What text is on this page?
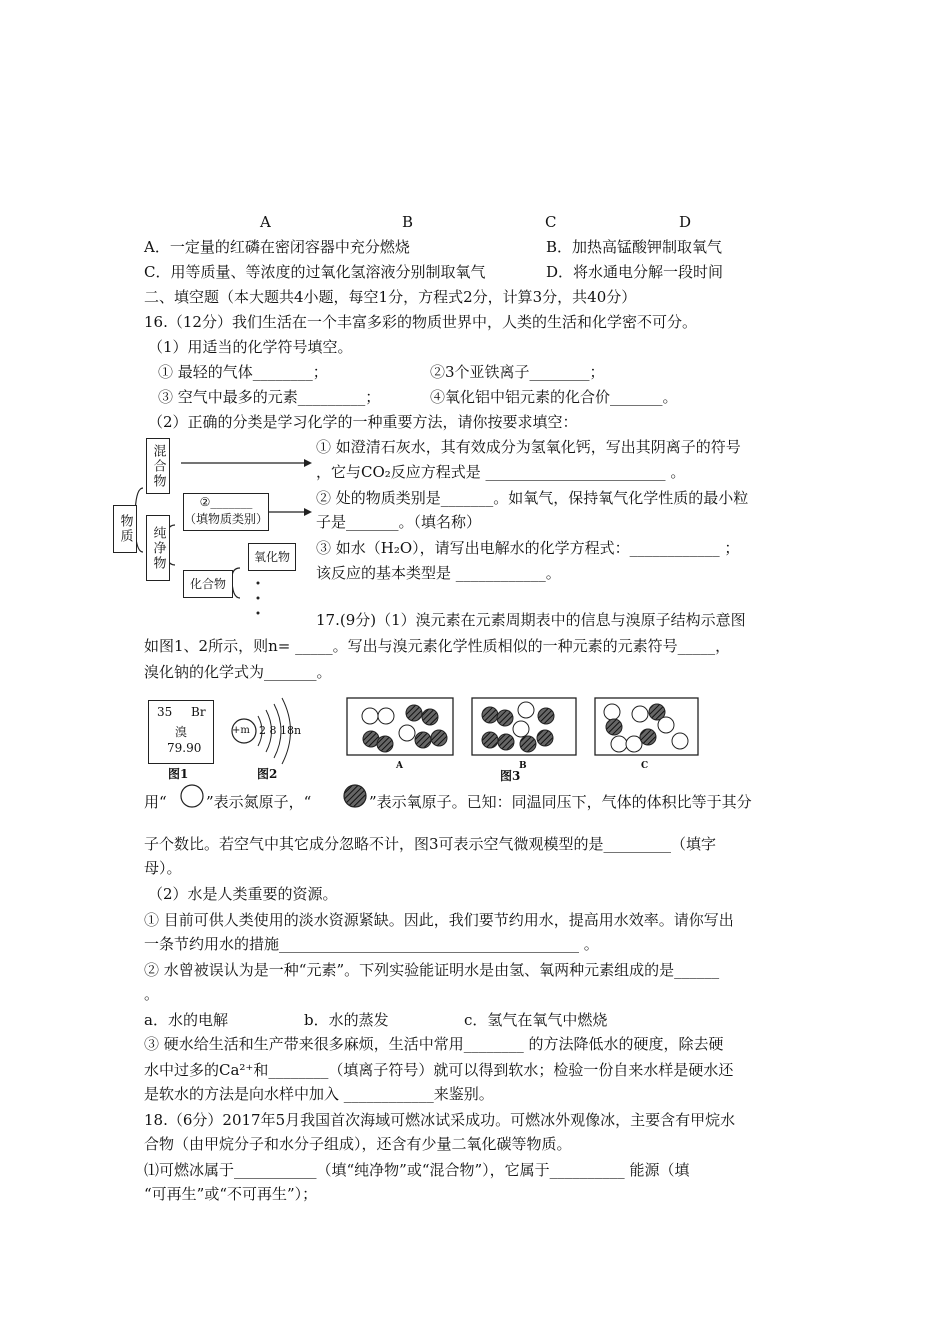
A	B	C	D
A．一定量的红磷在密闭容器中充分燃烧	B．加热高锰酸钾制取氧气
C．用等质量、等浓度的过氧化氢溶液分别制取氧气	D．将水通电分解一段时间
二、填空题（本大题共4小题，每空1分，方程式2分，计算3分，共40分）
16.（12分）我们生活在一个丰富多彩的物质世界中，人类的生活和化学密不可分。
（1）用适当的化学符号填空。
① 最轻的气体________；	②3个亚铁离子________；
③ 空气中最多的元素_________；	④氧化铝中铝元素的化合价_______。
（2）正确的分类是学习化学的一种重要方法，请你按要求填空：
物质
混合物
纯净物
②_______
（填物质类别）
化合物
氧化物
① 如澄清石灰水，其有效成分为氢氧化钙，写出其阴离子的符号
，它与CO₂反应方程式是 ________________________ 。
② 处的物质类别是_______。如氧气，保持氧气化学性质的最小粒
子是_______。（填名称）
③ 如水（H₂O），请写出电解水的化学方程式：____________ ；
该反应的基本类型是 ____________。
17.(9分)（1）溴元素在元素周期表中的信息与溴原子结构示意图
如图1、2所示，则n= _____。写出与溴元素化学性质相似的一种元素的元素符号_____，
溴化钠的化学式为_______。
35 Br
溴
79.90
图1
+m 2 8 18n
图2
A	B	C
图3
用“	”表示氮原子，“	”表示氧原子。已知：同温同压下，气体的体积比等于其分
子个数比。若空气中其它成分忽略不计，图3可表示空气微观模型的是_________（填字
母）。
（2）水是人类重要的资源。
① 目前可供人类使用的淡水资源紧缺。因此，我们要节约用水，提高用水效率。请你写出
一条节约用水的措施________________________________________ 。
② 水曾被误认为是一种“元素”。下列实验能证明水是由氢、氧两种元素组成的是______
。
a．水的电解	b．水的蒸发	c．氢气在氧气中燃烧
③ 硬水给生活和生产带来很多麻烦，生活中常用________ 的方法降低水的硬度，除去硬
水中过多的Ca²⁺和________（填离子符号）就可以得到软水；检验一份自来水样是硬水还
是软水的方法是向水样中加入 ____________来鉴别。
18.（6分）2017年5月我国首次海域可燃冰试采成功。可燃冰外观像冰，主要含有甲烷水
合物（由甲烷分子和水分子组成），还含有少量二氧化碳等物质。
⑴可燃冰属于___________（填“纯净物”或“混合物”），它属于__________ 能源（填
“可再生”或“不可再生”）；
